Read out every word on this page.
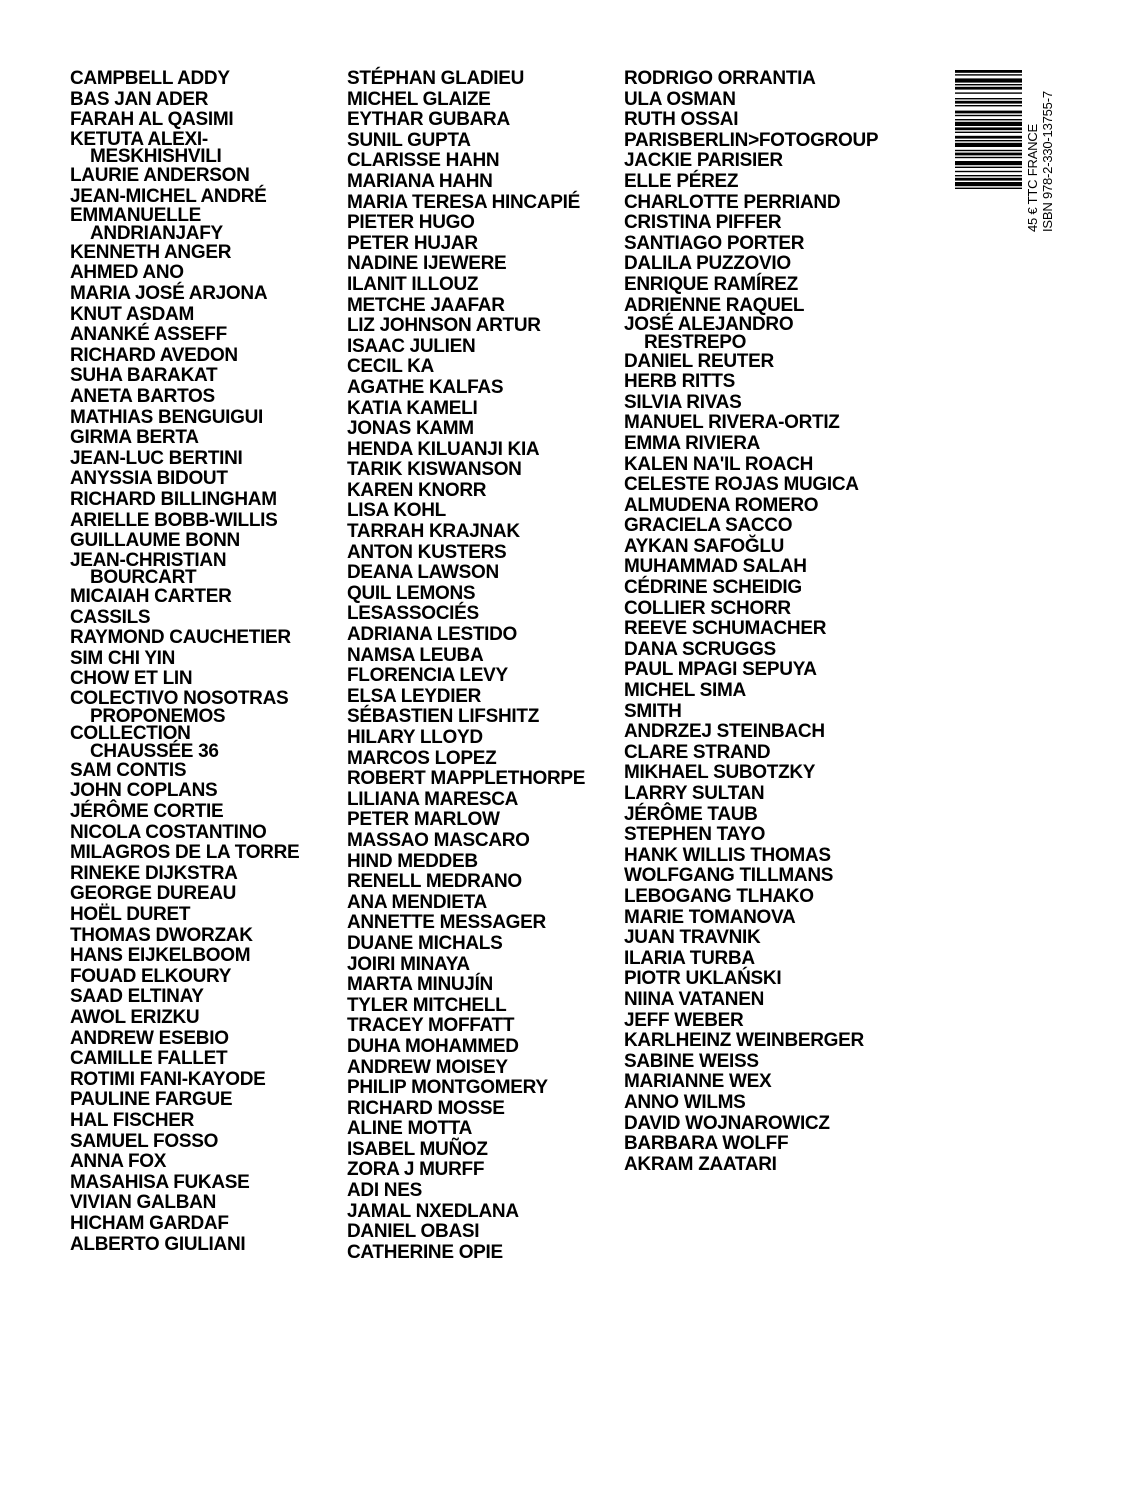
CAMPBELL ADDY
BAS JAN ADER
FARAH AL QASIMI
KETUTA ALEXI-
MESKHISHVILI
LAURIE ANDERSON
JEAN-MICHEL ANDRÉ
EMMANUELLE
ANDRIANJAFY
KENNETH ANGER
AHMED ANO
MARIA JOSÉ ARJONA
KNUT ASDAM
ANANKÉ ASSEFF
RICHARD AVEDON
SUHA BARAKAT
ANETA BARTOS
MATHIAS BENGUIGUI
GIRMA BERTA
JEAN-LUC BERTINI
ANYSSIA BIDOUT
RICHARD BILLINGHAM
ARIELLE BOBB-WILLIS
GUILLAUME BONN
JEAN-CHRISTIAN
BOURCART
MICAIAH CARTER
CASSILS
RAYMOND CAUCHETIER
SIM CHI YIN
CHOW ET LIN
COLECTIVO NOSOTRAS
PROPONEMOS
COLLECTION
CHAUSSÉE 36
SAM CONTIS
JOHN COPLANS
JÉRÔME CORTIE
NICOLA COSTANTINO
MILAGROS DE LA TORRE
RINEKE DIJKSTRA
GEORGE DUREAU
HOËL DURET
THOMAS DWORZAK
HANS EIJKELBOOM
FOUAD ELKOURY
SAAD ELTINAY
AWOL ERIZKU
ANDREW ESEBIO
CAMILLE FALLET
ROTIMI FANI-KAYODE
PAULINE FARGUE
HAL FISCHER
SAMUEL FOSSO
ANNA FOX
MASAHISA FUKASE
VIVIAN GALBAN
HICHAM GARDAF
ALBERTO GIULIANI
STÉPHAN GLADIEU
MICHEL GLAIZE
EYTHAR GUBARA
SUNIL GUPTA
CLARISSE HAHN
MARIANA HAHN
MARIA TERESA HINCAPIÉ
PIETER HUGO
PETER HUJAR
NADINE IJEWERE
ILANIT ILLOUZ
METCHE JAAFAR
LIZ JOHNSON ARTUR
ISAAC JULIEN
CECIL KA
AGATHE KALFAS
KATIA KAMELI
JONAS KAMM
HENDA KILUANJI KIA
TARIK KISWANSON
KAREN KNORR
LISA KOHL
TARRAH KRAJNAK
ANTON KUSTERS
DEANA LAWSON
QUIL LEMONS
LESASSOCIÉS
ADRIANA LESTIDO
NAMSA LEUBA
FLORENCIA LEVY
ELSA LEYDIER
SÉBASTIEN LIFSHITZ
HILARY LLOYD
MARCOS LOPEZ
ROBERT MAPPLETHORPE
LILIANA MARESCA
PETER MARLOW
MASSAO MASCARO
HIND MEDDEB
RENELL MEDRANO
ANA MENDIETA
ANNETTE MESSAGER
DUANE MICHALS
JOIRI MINAYA
MARTA MINUJÍN
TYLER MITCHELL
TRACEY MOFFATT
DUHA MOHAMMED
ANDREW MOISEY
PHILIP MONTGOMERY
RICHARD MOSSE
ALINE MOTTA
ISABEL MUÑOZ
ZORA J MURFF
ADI NES
JAMAL NXEDLANA
DANIEL OBASI
CATHERINE OPIE
RODRIGO ORRANTIA
ULA OSMAN
RUTH OSSAI
PARISBERLIN>FOTOGROUP
JACKIE PARISIER
ELLE PÉREZ
CHARLOTTE PERRIAND
CRISTINA PIFFER
SANTIAGO PORTER
DALILA PUZZOVIO
ENRIQUE RAMÍREZ
ADRIENNE RAQUEL
JOSÉ ALEJANDRO
RESTREPO
DANIEL REUTER
HERB RITTS
SILVIA RIVAS
MANUEL RIVERA-ORTIZ
EMMA RIVIERA
KALEN NA'IL ROACH
CELESTE ROJAS MUGICA
ALMUDENA ROMERO
GRACIELA SACCO
AYKAN SAFOĞLU
MUHAMMAD SALAH
CÉDRINE SCHEIDIG
COLLIER SCHORR
REEVE SCHUMACHER
DANA SCRUGGS
PAUL MPAGI SEPUYA
MICHEL SIMA
SMITH
ANDRZEJ STEINBACH
CLARE STRAND
MIKHAEL SUBOTZKY
LARRY SULTAN
JÉRÔME TAUB
STEPHEN TAYO
HANK WILLIS THOMAS
WOLFGANG TILLMANS
LEBOGANG TLHAKO
MARIE TOMANOVA
JUAN TRAVNIK
ILARIA TURBA
PIOTR UKLAŃSKI
NIINA VATANEN
JEFF WEBER
KARLHEINZ WEINBERGER
SABINE WEISS
MARIANNE WEX
ANNO WILMS
DAVID WOJNAROWICZ
BARBARA WOLFF
AKRAM ZAATARI
45 € TTC FRANCE ISBN 978-2-330-13755-7
